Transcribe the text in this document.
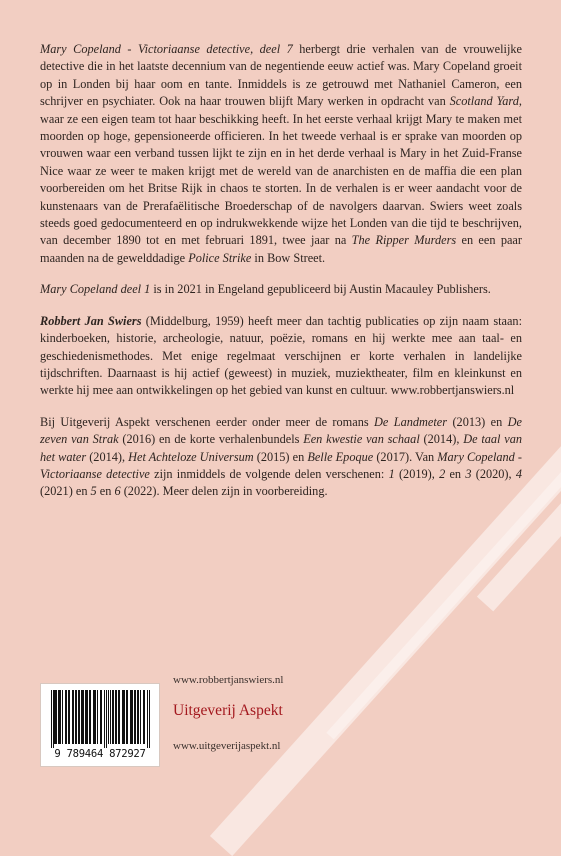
Mary Copeland - Victoriaanse detective, deel 7 herbergt drie verhalen van de vrouwelijke detective die in het laatste decennium van de negentiende eeuw actief was. Mary Copeland groeit op in Londen bij haar oom en tante. Inmiddels is ze getrouwd met Nathaniel Cameron, een schrijver en psychiater. Ook na haar trouwen blijft Mary werken in opdracht van Scotland Yard, waar ze een eigen team tot haar beschikking heeft. In het eerste verhaal krijgt Mary te maken met moorden op hoge, gepensioneerde officieren. In het tweede verhaal is er sprake van moorden op vrouwen waar een verband tussen lijkt te zijn en in het derde verhaal is Mary in het Zuid-Franse Nice waar ze weer te maken krijgt met de wereld van de anarchisten en de maffia die een plan voorbereiden om het Britse Rijk in chaos te storten. In de verhalen is er weer aandacht voor de kunstenaars van de Prerafaëlitische Broederschap of de navolgers daarvan. Swiers weet zoals steeds goed gedocumenteerd en op indrukwekkende wijze het Londen van die tijd te beschrijven, van december 1890 tot en met februari 1891, twee jaar na The Ripper Murders en een paar maanden na de gewelddadige Police Strike in Bow Street.

Mary Copeland deel 1 is in 2021 in Engeland gepubliceerd bij Austin Macauley Publishers.

Robbert Jan Swiers (Middelburg, 1959) heeft meer dan tachtig publicaties op zijn naam staan: kinderboeken, historie, archeologie, natuur, poëzie, romans en hij werkte mee aan taal- en geschiedenismethodes. Met enige regelmaat verschijnen er korte verhalen in landelijke tijdschriften. Daarnaast is hij actief (geweest) in muziek, muziektheater, film en kleinkunst en werkte hij mee aan ontwikkelingen op het gebied van kunst en cultuur. www.robbertjanswiers.nl

Bij Uitgeverij Aspekt verschenen eerder onder meer de romans De Landmeter (2013) en De zeven van Strak (2016) en de korte verhalenbundels Een kwestie van schaal (2014), De taal van het water (2014), Het Achteloze Universum (2015) en Belle Epoque (2017). Van Mary Copeland - Victoriaanse detective zijn inmiddels de volgende delen verschenen: 1 (2019), 2 en 3 (2020), 4 (2021) en 5 en 6 (2022). Meer delen zijn in voorbereiding.

9 789464 872927
www.robbertjanswiers.nl
Uitgeverij Aspekt
www.uitgeverijaspekt.nl
